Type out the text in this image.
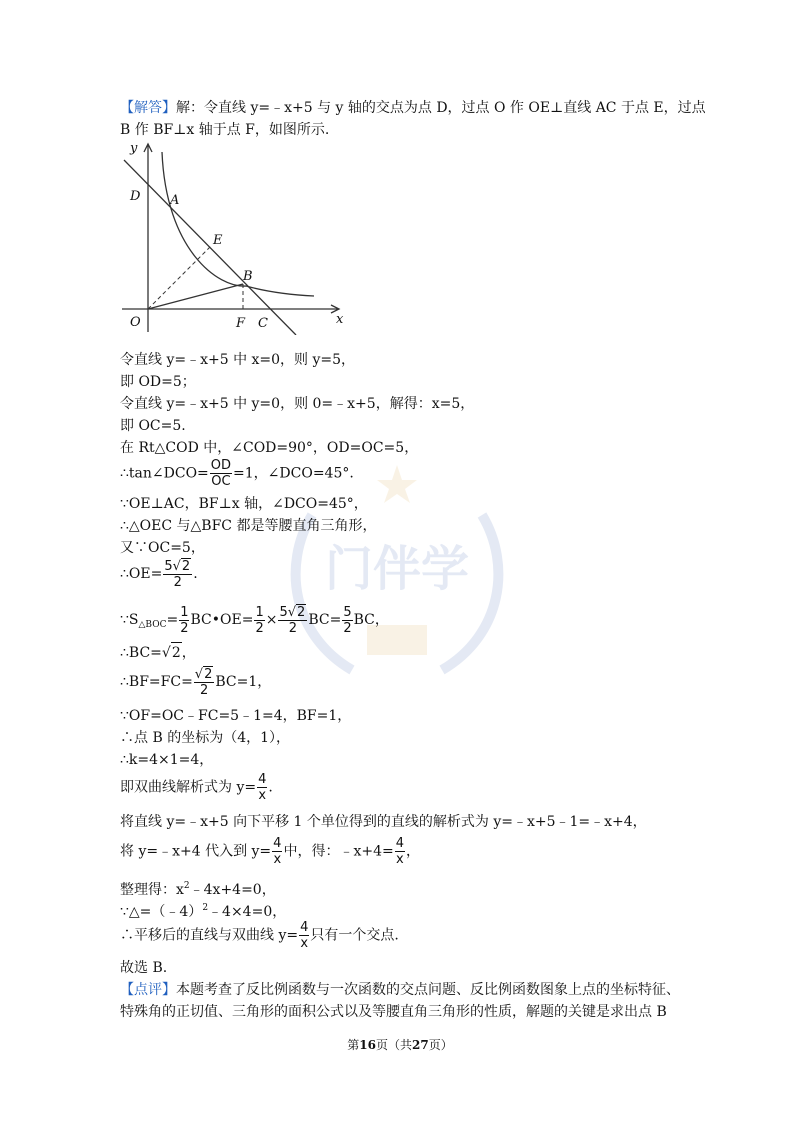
【解答】解：令直线 y=﹣x+5 与 y 轴的交点为点 D，过点 O 作 OE⊥直线 AC 于点 E，过点
B 作 BF⊥x 轴于点 F，如图所示.
y
x
O
D A
E
B
F C
门伴学
令直线 y=﹣x+5 中 x=0，则 y=5，
即 OD=5；
令直线 y=﹣x+5 中 y=0，则 0=﹣x+5，解得：x=5，
即 OC=5.
在 Rt△COD 中，∠COD=90°，OD=OC=5，
∴tan∠DCO= $\frac{OD}{OC} =1$，∠DCO=45°.
∵OE⊥AC，BF⊥x 轴，∠DCO=45°，
∴△OEC 与△BFC 都是等腰直角三角形，
又∵OC=5，
∴OE= $\frac{5√2}{2}$ .
$\because S_{\triangle BOC}= \frac{1}{2}$ BC•OE= $\frac{1}{2} \times \frac{5√2}{2} BC= \frac{5}{2}$ BC，
∴BC=√2，
∴BF=FC= $\frac{√2}{2} BC=1$，
∵OF=OC﹣FC=5﹣1=4，BF=1，
∴点 B 的坐标为（4，1），
∴k=4×1=4，
即双曲线解析式为 $y= \frac{4}{x}$ .
将直线 y=﹣x+5 向下平移 1 个单位得到的直线的解析式为 y=﹣x+5﹣1=﹣x+4，
将 y=﹣x+4 代入到 $y= \frac{4}{x}$ 中，得：﹣x+4= $\frac{4}{x}$ ，
整理得：$x^2﹣4x+4=0$，
∵△=（﹣4）$^2$﹣4×4=0，
∴平移后的直线与双曲线 $y= \frac{4}{x}$ 只有一个交点.
故选 B.
【点评】本题考查了反比例函数与一次函数的交点问题、反比例函数图象上点的坐标特征、
特殊角的正切值、三角形的面积公式以及等腰直角三角形的性质，解题的关键是求出点 B
第16页（共27页）
